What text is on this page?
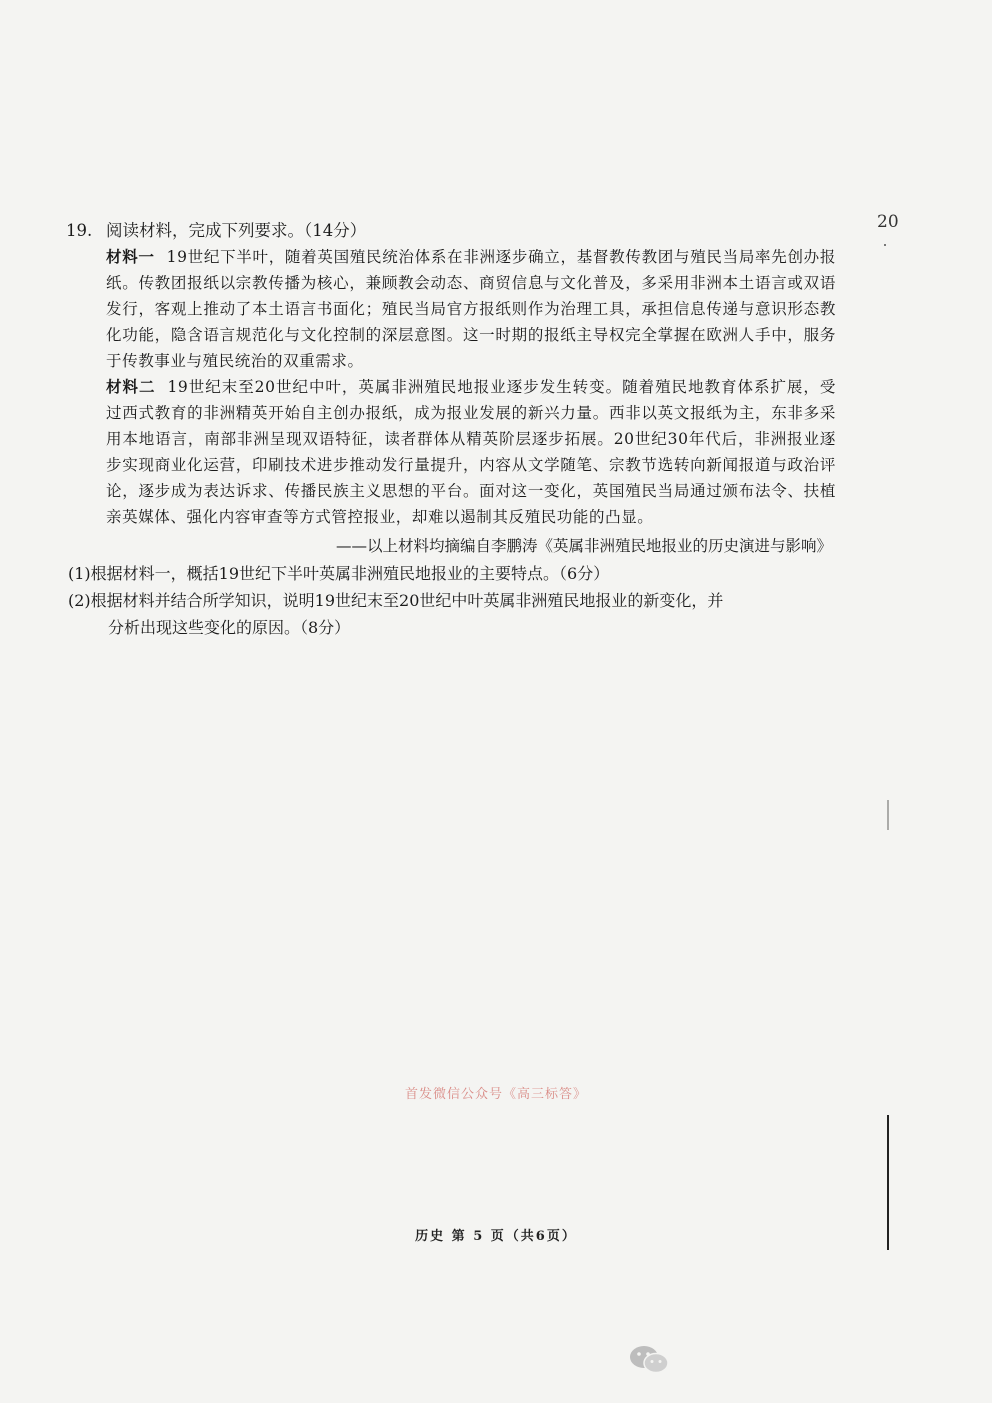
20
19. 阅读材料，完成下列要求。（14分）
材料一 19世纪下半叶，随着英国殖民统治体系在非洲逐步确立，基督教传教团与殖民当局率先创办报纸。传教团报纸以宗教传播为核心，兼顾教会动态、商贸信息与文化普及，多采用非洲本土语言或双语发行，客观上推动了本土语言书面化；殖民当局官方报纸则作为治理工具，承担信息传递与意识形态教化功能，隐含语言规范化与文化控制的深层意图。这一时期的报纸主导权完全掌握在欧洲人手中，服务于传教事业与殖民统治的双重需求。
材料二 19世纪末至20世纪中叶，英属非洲殖民地报业逐步发生转变。随着殖民地教育体系扩展，受过西式教育的非洲精英开始自主创办报纸，成为报业发展的新兴力量。西非以英文报纸为主，东非多采用本地语言，南部非洲呈现双语特征，读者群体从精英阶层逐步拓展。20世纪30年代后，非洲报业逐步实现商业化运营，印刷技术进步推动发行量提升，内容从文学随笔、宗教节选转向新闻报道与政治评论，逐步成为表达诉求、传播民族主义思想的平台。面对这一变化，英国殖民当局通过颁布法令、扶植亲英媒体、强化内容审查等方式管控报业，却难以遏制其反殖民功能的凸显。
——以上材料均摘编自李鹏涛《英属非洲殖民地报业的历史演进与影响》
(1)根据材料一，概括19世纪下半叶英属非洲殖民地报业的主要特点。（6分）
(2)根据材料并结合所学知识，说明19世纪末至20世纪中叶英属非洲殖民地报业的新变化，并
分析出现这些变化的原因。（8分）
首发微信公众号《高三标答》
历史 第 5 页（共6页）
